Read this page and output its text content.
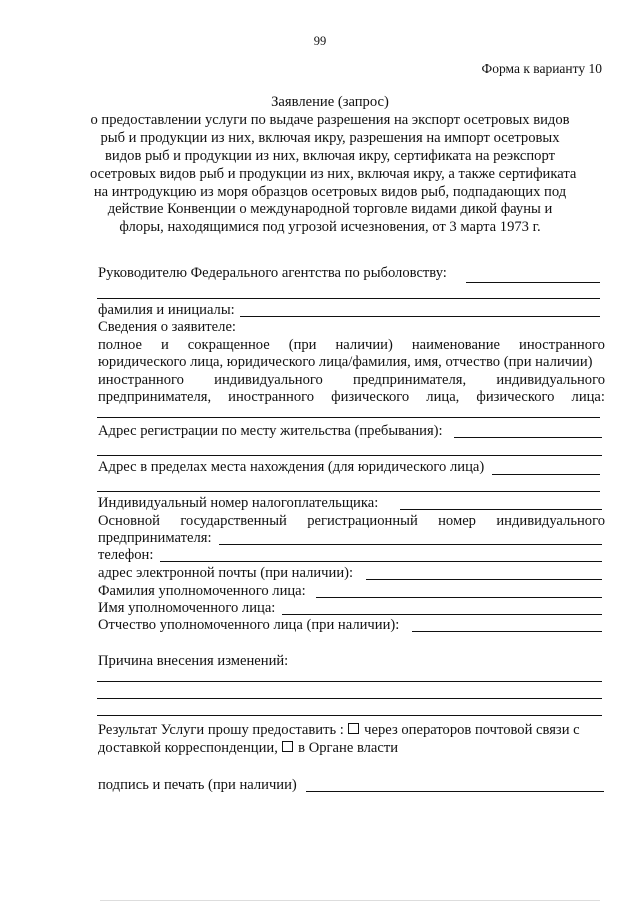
99
Форма к варианту 10
Заявление (запрос)
о предоставлении услуги по выдаче разрешения на экспорт осетровых видов
рыб и продукции из них, включая икру, разрешения на импорт осетровых
видов рыб и продукции из них, включая икру, сертификата на реэкспорт
осетровых видов рыб и продукции из них, включая икру, а также сертификата
на интродукцию из моря образцов осетровых видов рыб, подпадающих под
действие Конвенции о международной торговле видами дикой фауны и
флоры, находящимися под угрозой исчезновения, от 3 марта 1973 г.
Руководителю Федерального агентства по рыболовству:
фамилия и инициалы:
Сведения о заявителе:
полное и сокращенное (при наличии) наименование иностранного
юридического лица, юридического лица/фамилия, имя, отчество (при наличии)
иностранного индивидуального предпринимателя, индивидуального
предпринимателя, иностранного физического лица, физического лица:
Адрес регистрации по месту жительства (пребывания):
Адрес в пределах места нахождения (для юридического лица)
Индивидуальный номер налогоплательщика:
Основной государственный регистрационный номер индивидуального
предпринимателя:
телефон:
адрес электронной почты (при наличии):
Фамилия уполномоченного лица:
Имя уполномоченного лица:
Отчество уполномоченного лица (при наличии):
Причина внесения изменений:
Результат Услуги прошу предоставить : через операторов почтовой связи с
доставкой корреспонденции, в Органе власти
подпись и печать (при наличии)
